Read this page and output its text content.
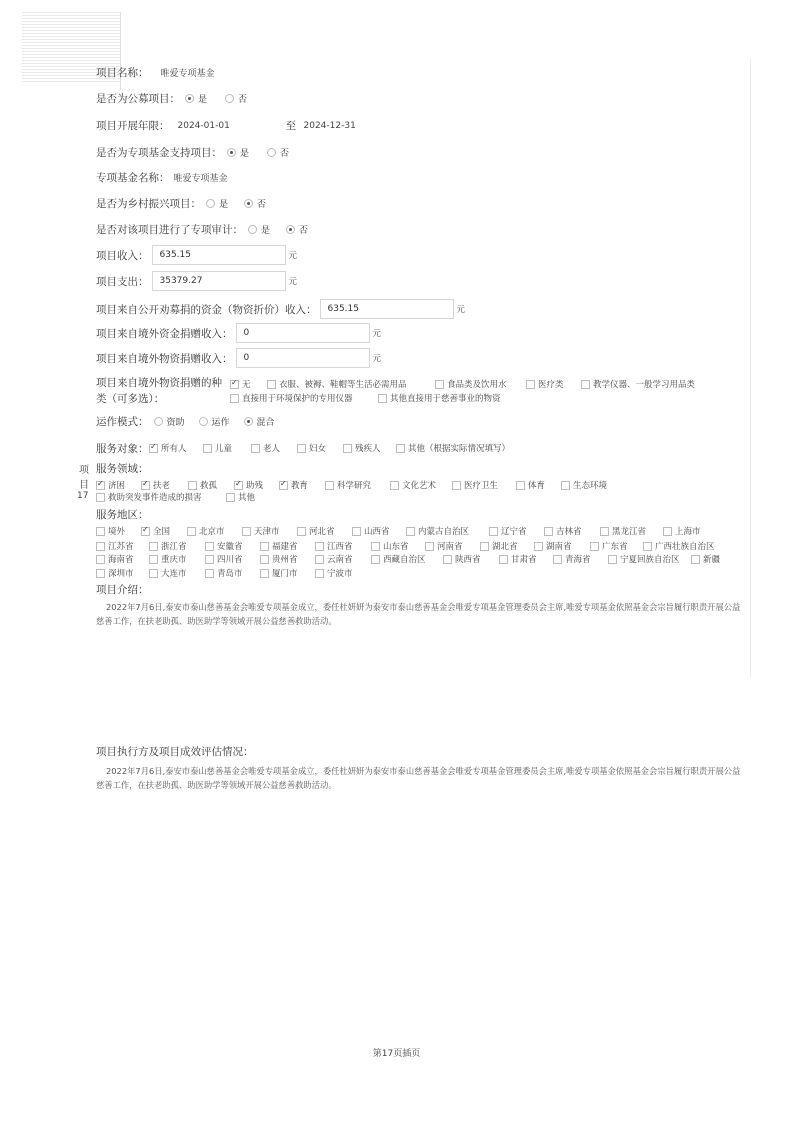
项目名称： 唯爱专项基金
是否为公募项目： 是	否
项目开展年限： 2024-01-01	至 2024-12-31
是否为专项基金支持项目： 是	否
专项基金名称： 唯爱专项基金
是否为乡村振兴项目： 是	否
是否对该项目进行了专项审计： 是	否
项目收入：	635.15	元
项目支出：	35379.27	元
项目来自公开劝募捐的资金（物资折价）收入：	635.15	元
项目来自境外资金捐赠收入：	0	元
项目来自境外物资捐赠收入：	0	元
项目来自境外物资捐赠的种
类（可多选）：
✓
无	衣服、被褥、鞋帽等生活必需用品	食品类及饮用水	医疗类	教学仪器、一般学习用品类
直接用于环境保护的专用仪器	其他直接用于慈善事业的物资
运作模式： 资助	运作	混合
服务对象： ✓ 所有人	儿童	老人	妇女	残疾人	其他（根据实际情况填写）
项
目
17
服务领域：
✓
济困 ✓	扶老	救孤 ✓	助残 ✓	教育	科学研究	文化艺术	医疗卫生	体育	生态环境
救助突发事件造成的损害	其他
服务地区：
境外 ✓	全国	北京市	天津市	河北省	山西省	内蒙古自治区	辽宁省	吉林省	黑龙江省	上海市
江苏省	浙江省	安徽省	福建省	江西省	山东省	河南省	湖北省	湖南省	广东省	广西壮族自治区
海南省	重庆市	四川省	贵州省	云南省	西藏自治区	陕西省	甘肃省	青海省	宁夏回族自治区	新疆
深圳市	大连市	青岛市	厦门市	宁波市
项目介绍：
2022年7月6日,泰安市泰山慈善基金会唯爱专项基金成立，委任杜妍妍为泰安市泰山慈善基金会唯爱专项基金管理委员会主席,唯爱专项基金依照基金会宗旨履行职责开展公益慈善工作，在扶老助孤、助医助学等领域开展公益慈善救助活动。
项目执行方及项目成效评估情况：
2022年7月6日,泰安市泰山慈善基金会唯爱专项基金成立，委任杜妍妍为泰安市泰山慈善基金会唯爱专项基金管理委员会主席,唯爱专项基金依照基金会宗旨履行职责开展公益慈善工作，在扶老助孤、助医助学等领域开展公益慈善救助活动。
第17页插页
